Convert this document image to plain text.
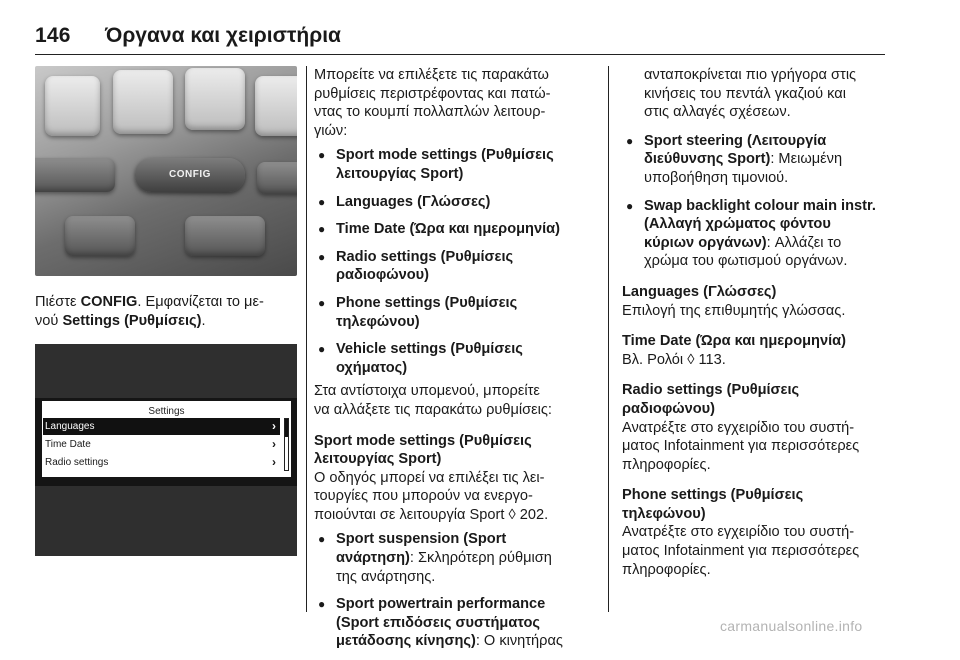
146 Όργανα και χειριστήρια
CONFIG

Πιέστε CONFIG. Εμφανίζεται το με-
νού Settings (Ρυθμίσεις).

Settings
Languages	›
Time Date	›
Radio settings	›

Μπορείτε να επιλέξετε τις παρακάτω
ρυθμίσεις περιστρέφοντας και πατώ-
ντας το κουμπί πολλαπλών λειτουρ-
γιών:

● Sport mode settings (Ρυθμίσεις
λειτουργίας Sport)
● Languages (Γλώσσες)
● Time Date (Ώρα και ημερομηνία)
● Radio settings (Ρυθμίσεις
ραδιοφώνου)
● Phone settings (Ρυθμίσεις
τηλεφώνου)
● Vehicle settings (Ρυθμίσεις
οχήματος)

Στα αντίστοιχα υπομενού, μπορείτε
να αλλάξετε τις παρακάτω ρυθμίσεις:

Sport mode settings (Ρυθμίσεις
λειτουργίας Sport)

Ο οδηγός μπορεί να επιλέξει τις λει-
τουργίες που μπορούν να ενεργο-
ποιούνται σε λειτουργία Sport ◊ 202.

● Sport suspension (Sport
ανάρτηση): Σκληρότερη ρύθμιση
της ανάρτησης.
● Sport powertrain performance
(Sport επιδόσεις συστήματος
μετάδοσης κίνησης): Ο κινητήρας

ανταποκρίνεται πιο γρήγορα στις
κινήσεις του πεντάλ γκαζιού και
στις αλλαγές σχέσεων.

● Sport steering (Λειτουργία
διεύθυνσης Sport): Μειωμένη
υποβοήθηση τιμονιού.
● Swap backlight colour main instr.
(Αλλαγή χρώματος φόντου
κύριων οργάνων): Αλλάζει το
χρώμα του φωτισμού οργάνων.

Languages (Γλώσσες)

Επιλογή της επιθυμητής γλώσσας.

Time Date (Ώρα και ημερομηνία)

Βλ. Ρολόι ◊ 113.

Radio settings (Ρυθμίσεις
ραδιοφώνου)

Ανατρέξτε στο εγχειρίδιο του συστή-
ματος Infotainment για περισσότερες
πληροφορίες.

Phone settings (Ρυθμίσεις
τηλεφώνου)

Ανατρέξτε στο εγχειρίδιο του συστή-
ματος Infotainment για περισσότερες
πληροφορίες.

carmanualsonline.info
